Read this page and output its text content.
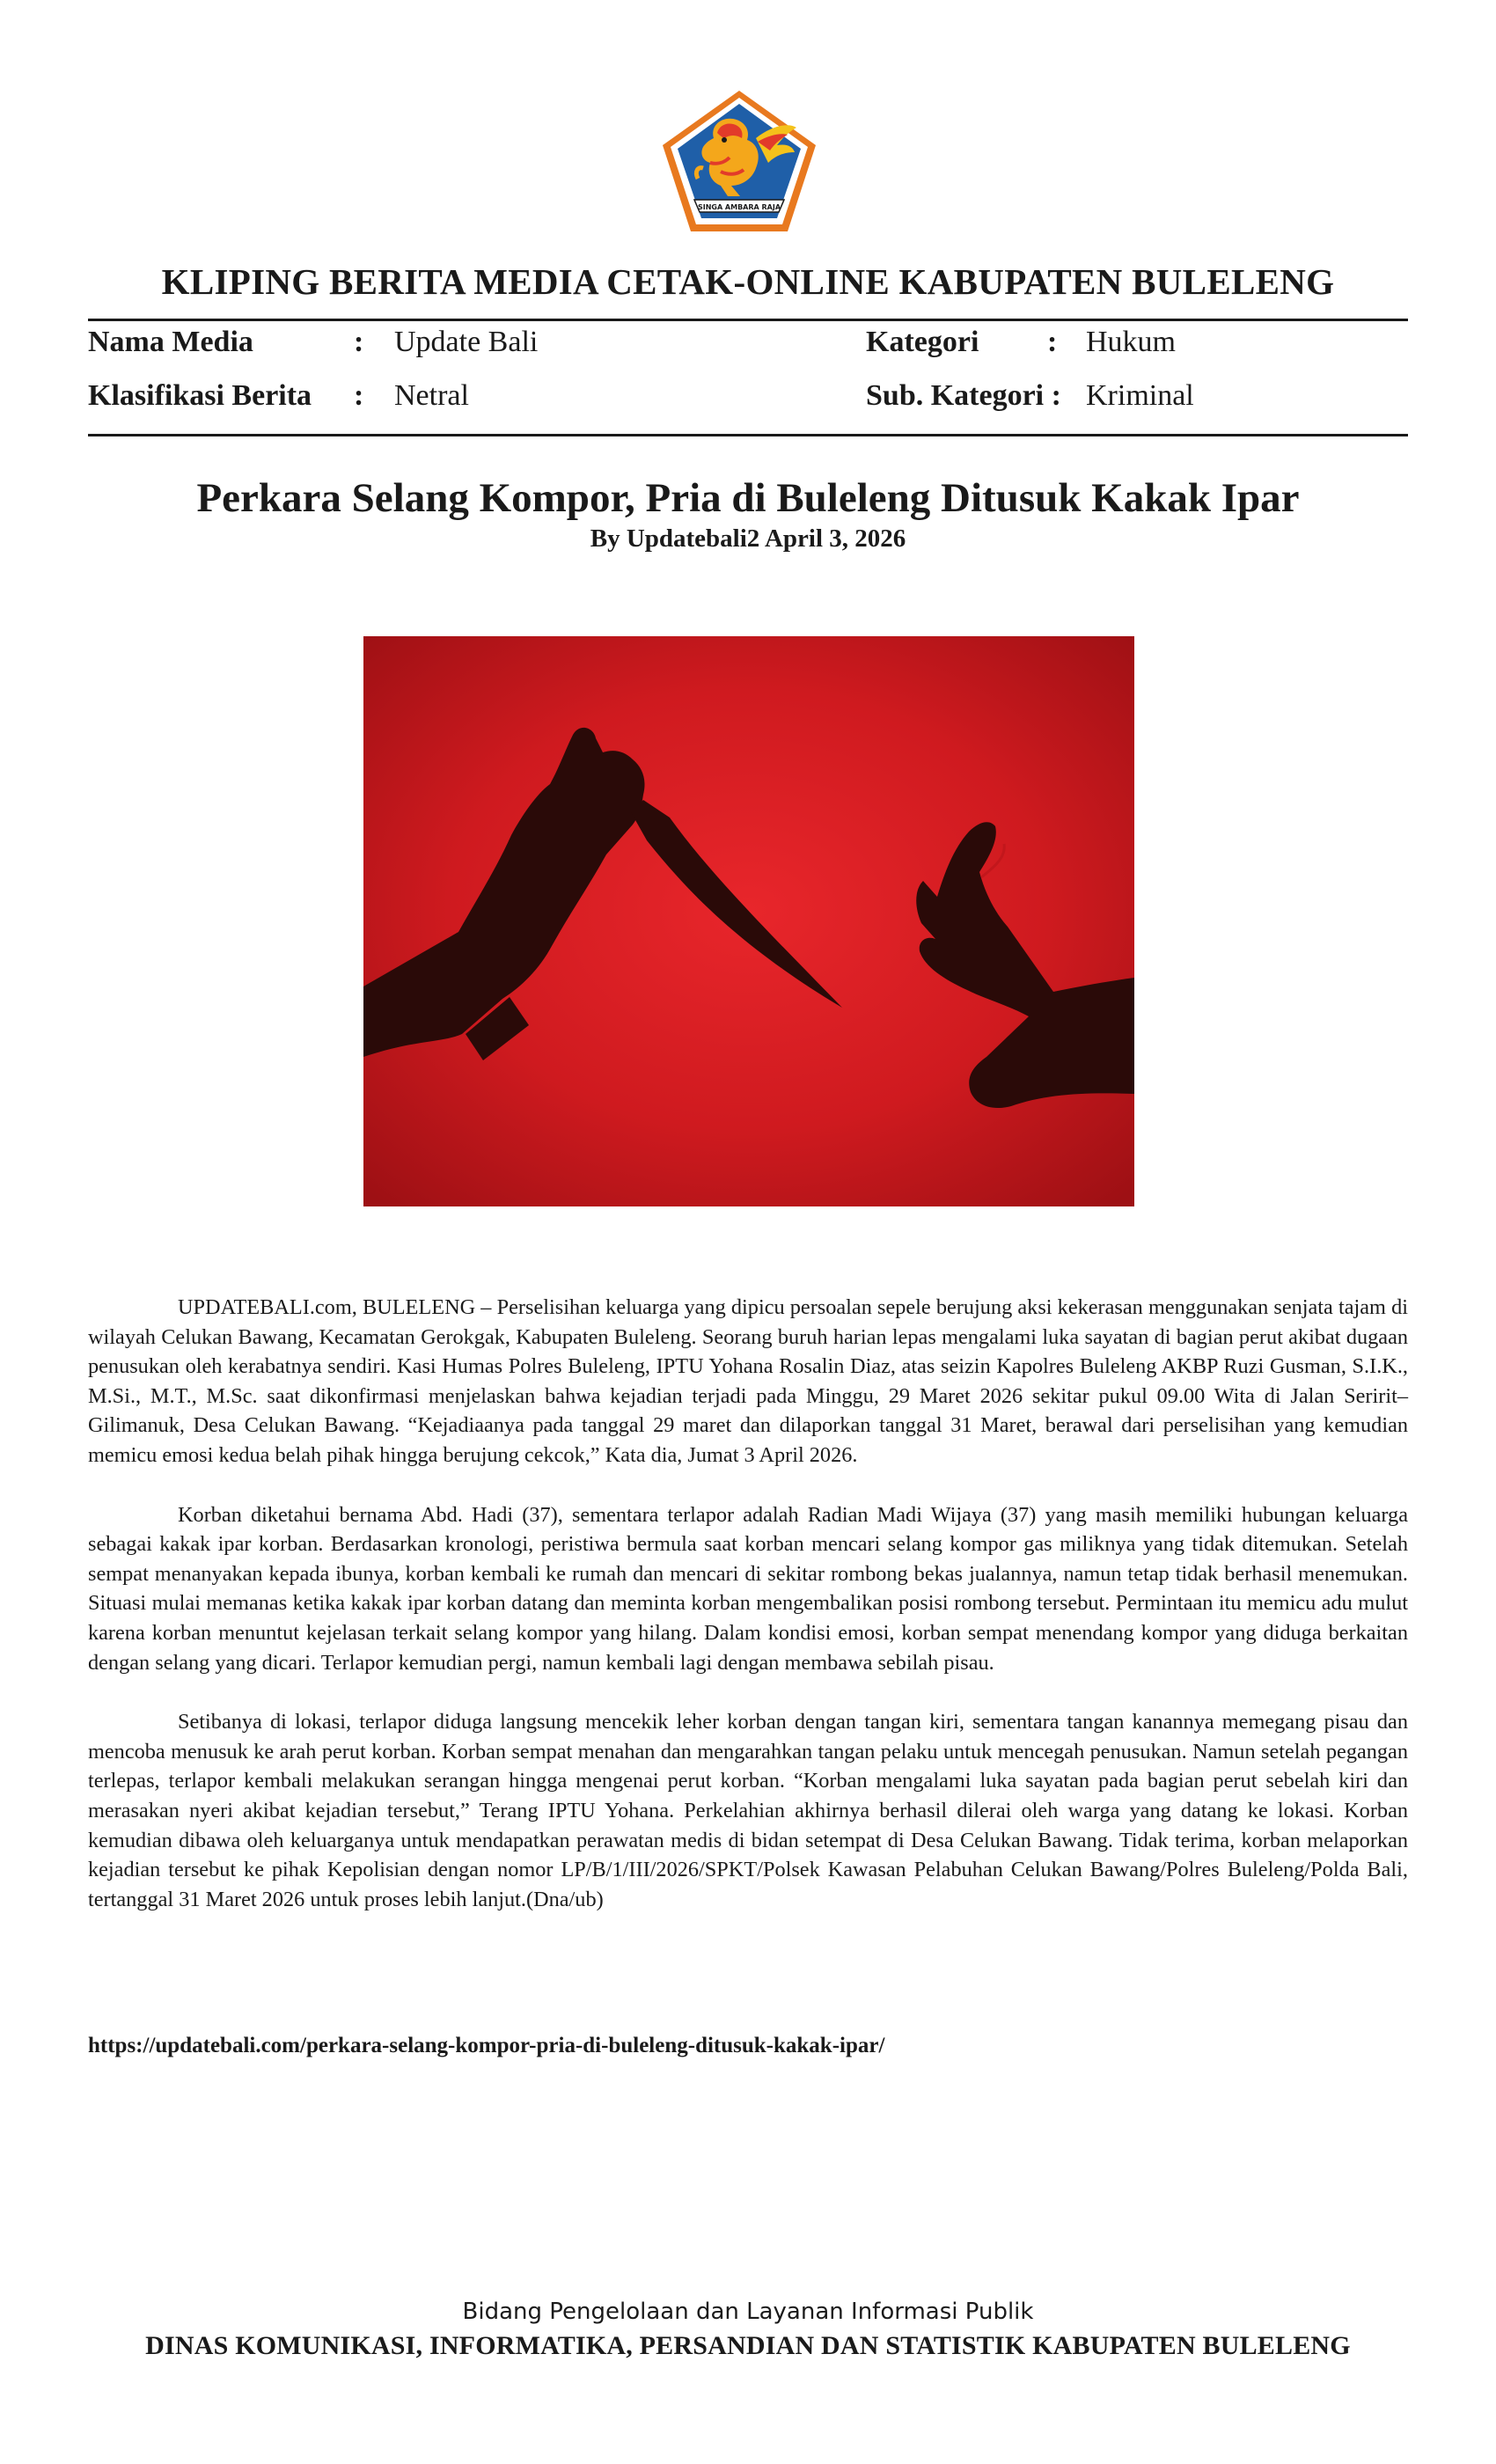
SINGA AMBARA RAJA
KLIPING BERITA MEDIA CETAK-ONLINE KABUPATEN BULELENG
Nama Media	: Update Bali	Kategori : Hukum
Klasifikasi Berita : Netral	Sub. Kategori : Kriminal
Perkara Selang Kompor, Pria di Buleleng Ditusuk Kakak Ipar
By Updatebali2 April 3, 2026

UPDATEBALI.com, BULELENG – Perselisihan keluarga yang dipicu persoalan sepele berujung aksi kekerasan menggunakan senjata tajam di wilayah Celukan Bawang, Kecamatan Gerokgak, Kabupaten Buleleng. Seorang buruh harian lepas mengalami luka sayatan di bagian perut akibat dugaan penusukan oleh kerabatnya sendiri. Kasi Humas Polres Buleleng, IPTU Yohana Rosalin Diaz, atas seizin Kapolres Buleleng AKBP Ruzi Gusman, S.I.K., M.Si., M.T., M.Sc. saat dikonfirmasi menjelaskan bahwa kejadian terjadi pada Minggu, 29 Maret 2026 sekitar pukul 09.00 Wita di Jalan Seririt–Gilimanuk, Desa Celukan Bawang. “Kejadiaanya pada tanggal 29 maret dan dilaporkan tanggal 31 Maret, berawal dari perselisihan yang kemudian memicu emosi kedua belah pihak hingga berujung cekcok,” Kata dia, Jumat 3 April 2026.

Korban diketahui bernama Abd. Hadi (37), sementara terlapor adalah Radian Madi Wijaya (37) yang masih memiliki hubungan keluarga sebagai kakak ipar korban. Berdasarkan kronologi, peristiwa bermula saat korban mencari selang kompor gas miliknya yang tidak ditemukan. Setelah sempat menanyakan kepada ibunya, korban kembali ke rumah dan mencari di sekitar rombong bekas jualannya, namun tetap tidak berhasil menemukan. Situasi mulai memanas ketika kakak ipar korban datang dan meminta korban mengembalikan posisi rombong tersebut. Permintaan itu memicu adu mulut karena korban menuntut kejelasan terkait selang kompor yang hilang. Dalam kondisi emosi, korban sempat menendang kompor yang diduga berkaitan dengan selang yang dicari. Terlapor kemudian pergi, namun kembali lagi dengan membawa sebilah pisau.

Setibanya di lokasi, terlapor diduga langsung mencekik leher korban dengan tangan kiri, sementara tangan kanannya memegang pisau dan mencoba menusuk ke arah perut korban. Korban sempat menahan dan mengarahkan tangan pelaku untuk mencegah penusukan. Namun setelah pegangan terlepas, terlapor kembali melakukan serangan hingga mengenai perut korban. “Korban mengalami luka sayatan pada bagian perut sebelah kiri dan merasakan nyeri akibat kejadian tersebut,” Terang IPTU Yohana. Perkelahian akhirnya berhasil dilerai oleh warga yang datang ke lokasi. Korban kemudian dibawa oleh keluarganya untuk mendapatkan perawatan medis di bidan setempat di Desa Celukan Bawang. Tidak terima, korban melaporkan kejadian tersebut ke pihak Kepolisian dengan nomor LP/B/1/III/2026/SPKT/Polsek Kawasan Pelabuhan Celukan Bawang/Polres Buleleng/Polda Bali, tertanggal 31 Maret 2026 untuk proses lebih lanjut.(Dna/ub)

https://updatebali.com/perkara-selang-kompor-pria-di-buleleng-ditusuk-kakak-ipar/
Bidang Pengelolaan dan Layanan Informasi Publik
DINAS KOMUNIKASI, INFORMATIKA, PERSANDIAN DAN STATISTIK KABUPATEN BULELENG
